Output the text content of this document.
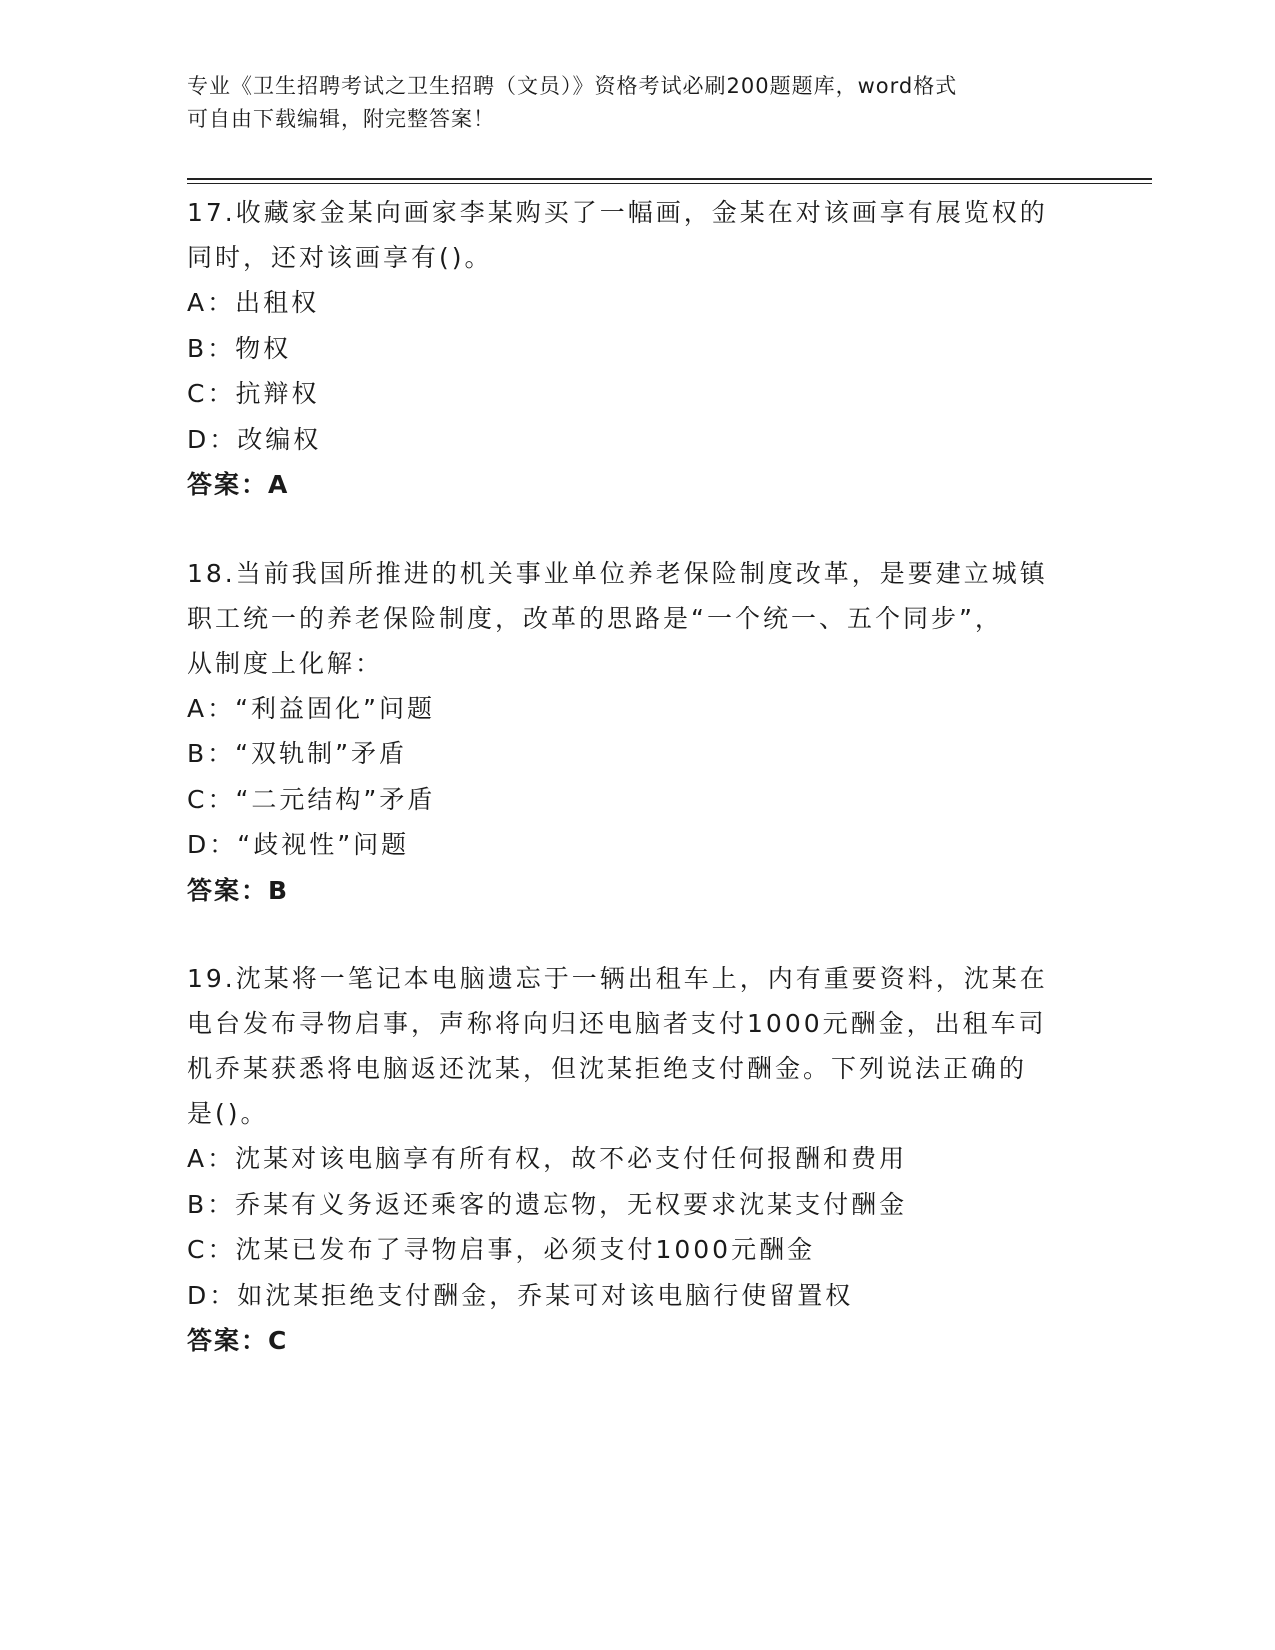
专业《卫生招聘考试之卫生招聘（文员）》资格考试必刷200题题库，word格式
可自由下载编辑，附完整答案！

17.收藏家金某向画家李某购买了一幅画，金某在对该画享有展览权的

同时，还对该画享有()。

A：出租权

B：物权

C：抗辩权

D：改编权

答案：A

18.当前我国所推进的机关事业单位养老保险制度改革，是要建立城镇

职工统一的养老保险制度，改革的思路是“一个统一、五个同步”，

从制度上化解：

A：“利益固化”问题

B：“双轨制”矛盾

C：“二元结构”矛盾

D：“歧视性”问题

答案：B

19.沈某将一笔记本电脑遗忘于一辆出租车上，内有重要资料，沈某在

电台发布寻物启事，声称将向归还电脑者支付1000元酬金，出租车司

机乔某获悉将电脑返还沈某，但沈某拒绝支付酬金。下列说法正确的

是()。

A：沈某对该电脑享有所有权，故不必支付任何报酬和费用

B：乔某有义务返还乘客的遗忘物，无权要求沈某支付酬金

C：沈某已发布了寻物启事，必须支付1000元酬金

D：如沈某拒绝支付酬金，乔某可对该电脑行使留置权

答案：C
